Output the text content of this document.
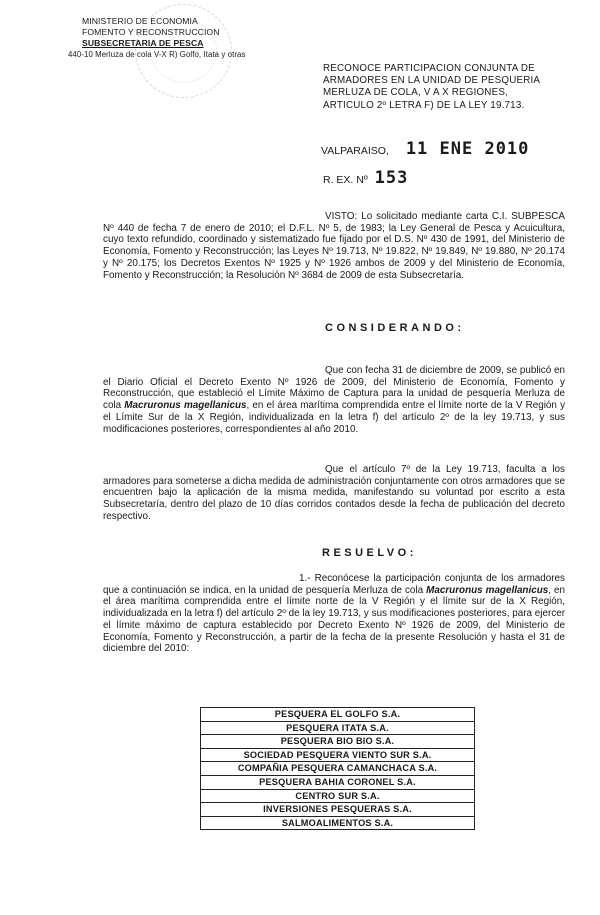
MINISTERIO DE ECONOMIA
FOMENTO Y RECONSTRUCCION
SUBSECRETARIA DE PESCA
440-10 Merluza de cola V-X R) Golfo, Itata y otras
RECONOCE PARTICIPACION CONJUNTA DE
ARMADORES EN LA UNIDAD DE PESQUERIA
MERLUZA DE COLA, V A X REGIONES,
ARTICULO 2º LETRA F) DE LA LEY 19.713.
VALPARAISO, 11 ENE 2010
R. EX. Nº 153
VISTO: Lo solicitado mediante carta C.I. SUBPESCA Nº 440 de fecha 7 de enero de 2010; el D.F.L. Nº 5, de 1983; la Ley General de Pesca y Acuicultura, cuyo texto refundido, coordinado y sistematizado fue fijado por el D.S. Nº 430 de 1991, del Ministerio de Economía, Fomento y Reconstrucción; las Leyes Nº 19.713, Nº 19.822, Nº 19.849, Nº 19.880, Nº 20.174 y Nº 20.175; los Decretos Exentos Nº 1925 y Nº 1926 ambos de 2009 y del Ministerio de Economía, Fomento y Reconstrucción; la Resolución Nº 3684 de 2009 de esta Subsecretaría.
CONSIDERANDO:
Que con fecha 31 de diciembre de 2009, se publicó en el Diario Oficial el Decreto Exento Nº 1926 de 2009, del Ministerio de Economía, Fomento y Reconstrucción, que estableció el Límite Máximo de Captura para la unidad de pesquería Merluza de cola Macruronus magellanicus, en el área marítima comprendida entre el límite norte de la V Región y el Límite Sur de la X Región, individualizada en la letra f) del artículo 2º de la ley 19.713, y sus modificaciones posteriores, correspondientes al año 2010.
Que el artículo 7º de la Ley 19.713, faculta a los armadores para someterse a dicha medida de administración conjuntamente con otros armadores que se encuentren bajo la aplicación de la misma medida, manifestando su voluntad por escrito a esta Subsecretaría, dentro del plazo de 10 días corridos contados desde la fecha de publicación del decreto respectivo.
RESUELVO:
1.- Reconócese la participación conjunta de los armadores que a continuación se indica, en la unidad de pesquería Merluza de cola Macruronus magellanicus, en el área marítima comprendida entre el límite norte de la V Región y el límite sur de la X Región, individualizada en la letra f) del artículo 2º de la ley 19.713, y sus modificaciones posteriores, para ejercer el límite máximo de captura establecido por Decreto Exento Nº 1926 de 2009, del Ministerio de Economía, Fomento y Reconstrucción, a partir de la fecha de la presente Resolución y hasta el 31 de diciembre del 2010:
PESQUERA EL GOLFO S.A.
PESQUERA ITATA S.A.
PESQUERA BIO BIO S.A.
SOCIEDAD PESQUERA VIENTO SUR S.A.
COMPAÑIA PESQUERA CAMANCHACA S.A.
PESQUERA BAHIA CORONEL S.A.
CENTRO SUR S.A.
INVERSIONES PESQUERAS S.A.
SALMOALIMENTOS S.A.
